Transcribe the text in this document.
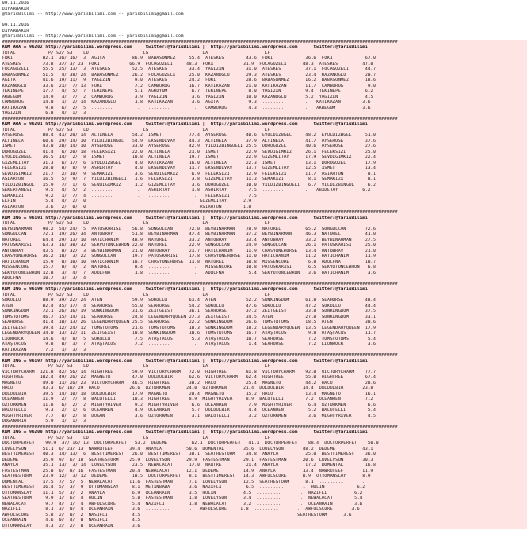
09.11.2016
DIYARBAKIR
@YarisBilimi -- http://www.yarisbilimi.com -- yarisbilimi@gmail.com
09.11.2016
DIYARBAKIR
@YarisBilimi -- http://www.yarisbilimi.com -- yarisbilimi@gmail.com
##################################################################################################################################################
KUM ARA = 96202 http://yarisbilimi.wordpress.com     twitter:@YarisBilimi |  http://yarisbilimi.wordpress.com      twitter:@YarisBilimi
TOTAL            P/ S2/ S3    LD                    LS                    LA                     LF
FOKI           82.1  36/ 16/  3  AGITA          86.9  BABASONMEZ     55.4  ATESKES        43.6  FOKI            36.6  FOKI            67.0
ATESKES        73.8  37/ 3/ 23  FOKI           66.9  FOCAGUZELI     48.3  FOKI           31.9  FOCAGUZELI      48.3  ATESKES         47.0
FOCAGUZELI     55.5  25/ 13/  3  ATESKES        52.5  ATESKES        33.4  YAGIZIN        31.0  ATESKES         37.1  FOCAGUZELI      44.7
BABASONMEZ     51.5   4/ 38/ 24  BABASONMEZ     26.2  FOCAGUZELI     25.0  KAZANOGLU      29.3  ATESKES         23.4  KAZANOGLU       20.7
AGITA          41.6  19/ 11/  9  YAGIZIN         9.0  ATESKES        24.2  FOKI           28.6  BABASONMEZ      16.2  BABASONMEZ      18.6
KAZANOGLU      33.6  21/  7/ 13  FOKI            7.2  CAMBURUG       16.7  KATIKAZAN      21.0  KATIKAZAN       11.7  CAMBURUG         9.0
TEKINEPE       17.7   4/  5/  7  TEKINEPE        5.1  AGKUYUM         6.7  TEKINEPE        8.0  YAGIZIN         9.4  TEKINEPE         6.2
AKBEGUM        14.9   3/  7/  2  CAMBURUG        3.9  YAGIZIN         3.6  YAGIZIN        10.0  KAZANOGLU       5.2  YAGIZIN          4.5
CAMBURUG       14.0   1/  2/ 14  KAZANOGLU       1.8  KATIKAZAN       3.6  AGITA           9.3  ........        .   KATIKAZAN        3.6
KATIKAZAN       9.8   6/  2/  5  ........         .   ........         .   CAMBURUG        4.3  ........        .   AKBEGUM          3.6
YAGIZIN         6.8   4/  1/  3
##################################################################################################################################################
KUM ARA = 96201 http://yarisbilimi.wordpress.com     twitter:@YarisBilimi |  http://yarisbilimi.wordpress.com      twitter:@YarisBilimi
TOTAL            P/ S2/ S3    LD                    LS                    LA                     LF
AYSEROSE       88.4  41/ 20/ 14  ALTINELA       54.2  ISMET          77.4  AYSEROSE       40.6  EYULDIZBGEL     48.2  EYULDIZBGEL     51.0
ALTINELA       60.6  29/ 14/ 10  YILDIZBINGUL   54.9  EKSENDIVAY     44.3  ALTINELA       37.9  ALTINELA        41.7  AYSEROSE        37.6
ISMET          43.0  20/ 14/ 10  AYSEROSE       33.0  AYSEROSE       42.9  YILDIZBINGUELI 25.5  DOROGUZEL       40.6  AYSEROSE        27.6
DOROGUZEL      41.4   6/ 20/ 18  FELEKSIZI      22.0  ALTINELA       21.0  ISMET          22.9  SEVDIGIMKIZ     26.1  FELEKSIZI       25.0
EYULDIZBGEL    36.5  14/  2/  8  ISMET          10.8  ALTINELA       19.7  ISMET          22.9  GIZEMLITAY      17.9  SEVDIGIMKIZ     22.4
GIZEMLITAY     31.3   6/ 17/  6  EYULDIZBGEL     4.0  KATIKAZAN      16.0  ALTINELA       22.3  ISMET           13.1  DOROGUZEL       17.9
FELEKSIZI      28.0   8/  8/  9  ASHIRTAY        4.0  EKSENDIVAY     11.7  EKSENDIVAY     13.7  GIZEMLITAY      12.5  ISMET           13.4
SEVDIGIMKIZ    21.7   2/ 10/  9  SEMAKIZI        3.6  SEVDIGIMKIZ     6.9  FELEKSIZI      12.9  FELEKSIZI       11.7  ASIARTUN         8.1
ASIARTUN       16.5   5/  9/  7  YILDIZBINGELI   1.6  FELEKSIZI       3.8  GIZEMLITAY     11.3  SEMAKIZI         8.1  SEMAKIZI         8.1
YILDIZBINGUL   15.9   7/  1/  6  SEVDIGIMKIZ     1.2  GIZEMLITAY      3.6  DOROGUZEL      10.0  YILDIZBINGUELI   6.7  YILDIZBINGUL     6.2
SEKERTANESI     9.5   4/  5/  2  ........         .   ASHIRTAY        1.8  ASHIRTAY        7.5  ........        .   ABIDETAY         6.2
SEMAKIZI        9.2   1/  7/  4  ........         .   ........         .   FELEKSIZI       7.5
ELFIN           5.4   4/  2/  0                                          GIZEMLITAY      2.9
ASIARTUN        3.6   2/  0/  0                                          ASIARTUN        1.8
##################################################################################################################################################
KUM ING = 96191 http://yarisbilimi.wordpress.com     twitter:@YarisBilimi |  http://yarisbilimi.wordpress.com      twitter:@YarisBilimi
TOTAL            P/ S2/ S3    LD                    LS                    LA                     LF
BEYBINARMAN    90.2  54/ 24/  5  PATUSKARISI    56.8  SONGULCAN      72.0  BEYBINARMAN    78.9  NATUREL         65.2  SONGULCAN       72.6
SONGULCAN      72.1  19/ 26/ 34  ANTOBRAY       51.8  BEYBINARMAN    47.4  BEYBINARMAN    37.2  BEYBINARMAN     46.3  NATUREL         41.0
NATUREL        64.4  29/ 13/ 10  HATICHANIM     48.9  NATUREL        33.2  ANTOBRAY       33.4  ANTOBRAY        33.2  BEYBINARMAN     27.5
PATUSKARISI    63.3  16/ 30/ 32  SEKYUTONCEBRON 22.0  NATUREL        22.9  SONGULCAN      24.9  SONGULCAN       26.1  PATUSKARISI     25.0
ANTOBRAY       43.5   8/ 32/  3  BEYBINARMAN    21.0  ANTOBRAY       21.7  HATICHANIM     11.9  CHASYONEHORSE   13.4  ANTOBRAY        21.0
CHASYONEHORSE  36.2  10/  3/ 22  SONGULCAN      19.7  PATUSKARISI    17.8  CHASYONEHORSE  11.0  HATICHANIM      11.2  HATICHANIM      11.9
HATICHANIM     15.9   0/ 10/ 10  HATICHANIM     10.7  CHASYONEHORSE  11.8  NATUREL        10.8  MISSENCORE       6.8  ADOLFNA         10.7
MISSENCORE     15.7   8/  4/  2  NATUREL         8.4  ........         .   MISSENCORE     10.8  PATUSKARISI      6.5  SEKYUTONCEBRON   6.8
SEKYUTONCEBRON 12.8   3/  4/  7  ADOLFNA         1.8  ........         .   ADOLFNA         5.4  SEKYUTONCEBRON   3.6  HATICHANIM       3.6
ADOLFNA        10.7   3/  3/  4
##################################################################################################################################################
KUM ING = 96199 http://yarisbilimi.wordpress.com     twitter:@YarisBilimi |  http://yarisbilimi.wordpress.com      twitter:@YarisBilimi
TOTAL            P/ S2/ S3    LD                    LS                    LA                     LF
SOKOLLU        88.9  39/ 22/ 24  ATEN           59.9  SOKOLLU        61.4  ATEN           52.2  SUNKINGDOM      61.8  SEAHORSE        48.4
ATEN           82.4  45/ 17/  4  SEAHORSE       55.0  SEAHORSE       54.2  SOKOLLU        47.6  SOKOLLU         47.2  SOKOLLU         44.4
SUNKINGDOM     72.1  26/ 16/ 19  SUNKINGDOM     31.6  ZEITGEIST      36.1  SEAHORSE       37.2  ZEITGEIST       33.8  SUNKINGDOM      37.5
TOMSTOTOMS     46.7  15/ 14/ 11  SEAHORSE       24.8  LEGENDARYQUEEN 27.3  ZEITGEIST      34.5  ATEN            27.8  SUNKINGDOM      33.1
SEAHORSE       41.4  10/ 13/ 26  LEGENDARYQUEEN 25.5  SEAHORSE       22.2  SUNKINGDOM     26.6  TOMSTOTOMS      18.5  ATEN            30.6
ZEITGEIST      39.4  12/ 24/ 12  TOMSTOTOMS     21.6  TOMSTOTOMS     18.3  SUNKINGDOM     18.2  LEGENDARYQUEEN  13.5  LEGENDARYQUEEN  17.9
LEGENDARYQUEEN 34.0  13/ 12/ 11  ZEITGEIST      10.8  SUNKINGDOM     10.6  TOMSTOTOMS     16.7  ATAŞTACUS        9.8  ATAŞTACUS       11.7
LIONROCK       14.6   4/  8/  5  SOKOLLU         7.5  ATAŞTACUS       5.3  ATAŞTACUS      10.7  SEAHORSE         7.2  TOMSTOTOMS       5.4
ATAŞTACUS       9.8   0/  3/  7  ATAŞTACUS       7.2  ........         .   ATAŞTACUS       1.4  SEAHORSE         7.2  LIONROCK         3.6
KATIKAZAN       7.2   1/  3/  3
##################################################################################################################################################
KUM ING = 96197 http://yarisbilimi.wordpress.com     twitter:@YarisBilimi |  http://yarisbilimi.wordpress.com      twitter:@YarisBilimi
TOTAL            P/ S2/ S3    LD                    LS                    LA                     LF
VICTORYCHARM  121.8  42/ 56/ 14  HIGHTREE       59.9  VICTORYCHARM   72.0  HIGHTREE       81.8  VICTORYCHARM    92.0  VICTORYCHARM    77.7
HIGHTREE      102.4  49/ 26/ 22  MAGNETO        47.0  DULDULBIR      62.6  VICTORYCHARM   62.4  HIGHTREE        55.0  HIGHTREE        67.4
MAGNETO        49.0  11/ 26/ 23  VICTORYCHARM   46.5  HIGHTREE       38.2  HACO           25.4  MAGNETO         44.2  HACO            28.6
HACO           43.3  6/ 18/ 29  HACO           26.6  OZTURKMEN      24.0  OZTURKMEN      21.4  DULDULBIR       14.4  DULDULBIR       23.8
DULDULBIR      39.5  14/ 10/ 18  DULDULBIR      17.9  MAGNETO        20.4  MAGNETO        15.2  HACO            13.4  MAGNETO         16.1
OCEANREN       11.9   2/  7/  8  BALOTELLI      10.3  HIGHTREE       8.9  MIGHTYRIVER     8.9  BALOTELLI        7.2  OCEANREN         7.2
OZTURKMEN      11.8   6/  2/  2  MIGHTYRIVER     9.2  MIGHTYRIVER     6.6  OCEANREN        7.9  MIGHTYRIVER      6.4  OZTURKMEN        6.6
BALOTELLI       9.3   2/  1/  6  OCEANREN        4.9  OCEANREN        5.7  DULDULBIR       4.4  OCEANREN         5.2  BALOTELLI        5.4
MIGHTYRIVER     7.7   0/  2/  8  DOGAN           3.6  OZTURKMEN       3.1  BALOTELLI       3.2  OZTURKMEN        3.6  MIGHTYRIVER      4.5
DOGANARIA       5.9   1/  1/  3
##################################################################################################################################################
KUM ING = 96200 http://yarisbilimi.wordpress.com     twitter:@YarisBilimi |  http://yarisbilimi.wordpress.com      twitter:@YarisBilimi
TOTAL            P/ S2/ S3    LD                    LS                    LA                     LF
DOCTORPERFET    99.9  37/ 16/ 13  DOCTORPERFET   53.2  DEDEME         62.1  DOCTORPERFET   41.1  DOCTORPERFET    88.4  DOCTORPERFET    50.0
LOVELYSUN      51.1  6/ 23/ 13  NAWRUTEEF      39.4  ANAYLA         50.6  DOMENTAL       35.6  LOVELYSUN       48.2  DEDEME          43.1
BESTTIMEREST   40.3  14/ 13/  6  BESTTIMEREST   26.0  BESTTIMEREST   38.1  SEATHESTORM    34.8  ANAYLA          25.0  BESTTIMEREST    36.0
DEDEME         35.9  9/  6/ 18  SEATHESTORM    25.9  LOVELYSUN      29.9  FASTESTMAN     29.1  FASTESTMAN      20.6  LOVELYSUN       30.3
ANAYLA         35.1  13/  3/ 14  LOVELYSUN      23.5  NEWALACAT      17.0  NAUTRE         21.4  ANAYLA          17.2  DOMENTAL        16.8
FASTESTMAN     25.0  6/  8/ 16  FASTESTMAN     20.4  NEWALACAT      12.1  DEDEME         14.9  ANAYLA          13.4  NAWRUTEEF       11.9
SEATHESTORM    23.9  12/  3/ 12  DEDEME         18.5  DOCTORPERFET   8.1  BESTTIMEREST   14.3  AWFULSCORE      8.9  OTTOMANSLAY      8.9
DOMENTAL       17.5  7/  5/  5  NEWALACAT      11.6  FASTESTMAN      7.1  LOVELYSUN      12.5  SEATHESTORM      8.1  .........       .
BESTTIMEREST   16.4  5/  3/  9  OTTOMANSLAY     8.1  METINBABA       3.6  NAZIFLI         6.5  .........       .  HULIN            6.2
OTTOMANSLAY    11.1  5/  3/  2  ANAYLA          6.9  OCEANRAIN       3.5  HULIN          4.5  .........       .  NAZIFLI          6.2
SEATHESTORM     9.9  1/  6/  4  HULIN           5.8  FASTESTMAN      1.8  LOVELYSUN      3.4  .........       .  NEWALACAT        5.4
NEWALACAT       9.7  4/  1/  4  AWFULSCORE      5.4  NAZIFLI         1.8  NEWALACAT      3.2  .........       .  OCEANRAIN        3.6
NAZIFLI         8.1  3/  0/  4  OCEANRAIN       3.6  .........       .   AWFULSCORE     1.8  .........       .  AWFULSCORE       3.6
AWFULSCORE      5.8  2/  0/  2  NASIFLI         4.5                                                          SEATHESTORM      3.6
OCEANRAIN       4.6  0/  4/  0  NASIFLI         4.5
OTTOMANSLAY     4.3  2/  2/  0  OCEANRAIN       3.6
